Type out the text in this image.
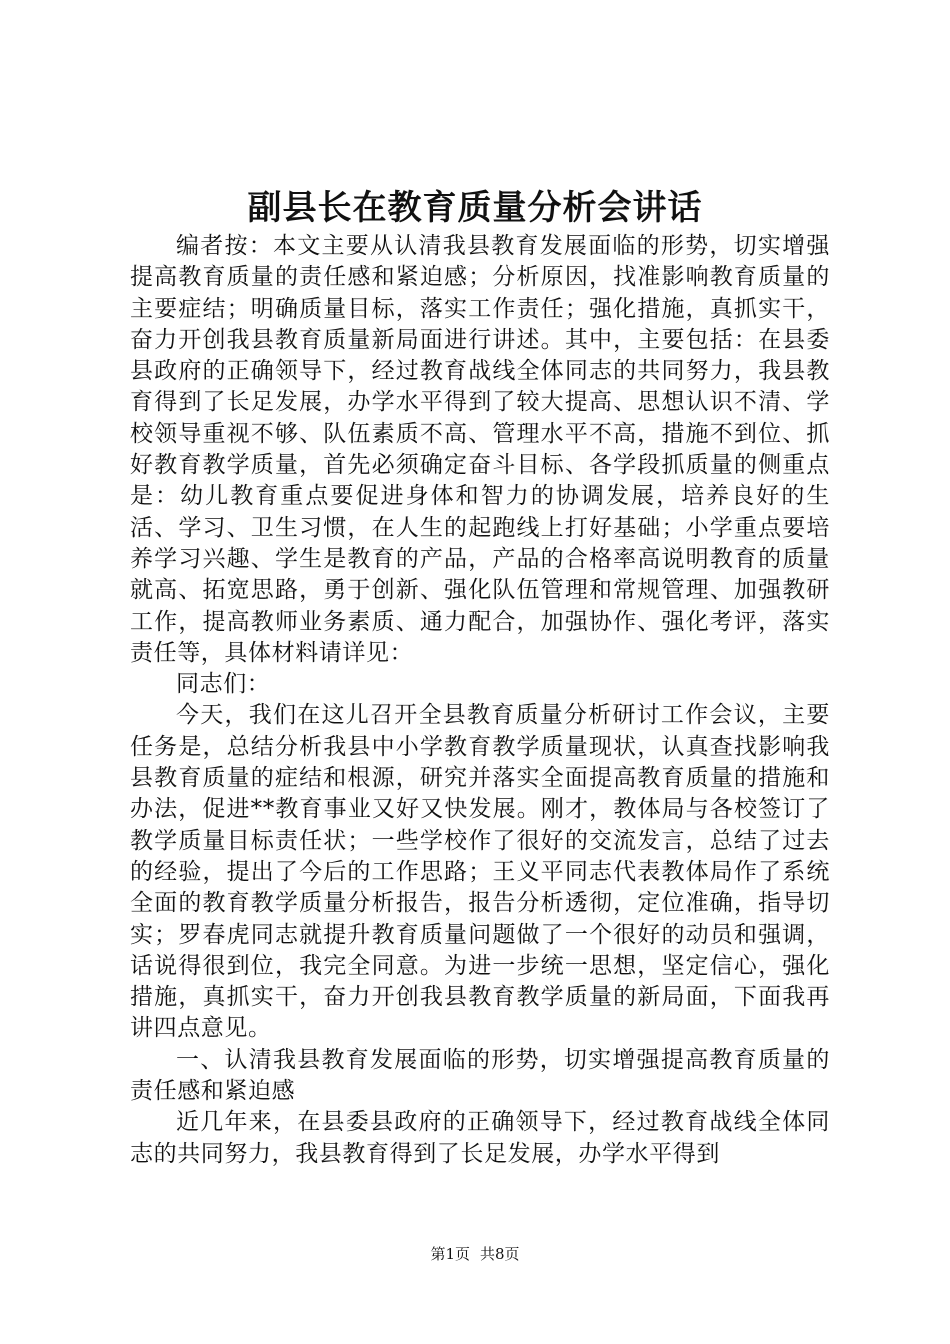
副县长在教育质量分析会讲话

编者按：本文主要从认清我县教育发展面临的形势，切实增强提高教育质量的责任感和紧迫感；分析原因，找准影响教育质量的主要症结；明确质量目标，落实工作责任；强化措施，真抓实干，奋力开创我县教育质量新局面进行讲述。其中，主要包括：在县委县政府的正确领导下，经过教育战线全体同志的共同努力，我县教育得到了长足发展，办学水平得到了较大提高、思想认识不清、学校领导重视不够、队伍素质不高、管理水平不高，措施不到位、抓好教育教学质量，首先必须确定奋斗目标、各学段抓质量的侧重点是：幼儿教育重点要促进身体和智力的协调发展，培养良好的生活、学习、卫生习惯，在人生的起跑线上打好基础；小学重点要培养学习兴趣、学生是教育的产品，产品的合格率高说明教育的质量就高、拓宽思路，勇于创新、强化队伍管理和常规管理、加强教研工作，提高教师业务素质、通力配合，加强协作、强化考评，落实责任等，具体材料请详见：

同志们：

今天，我们在这儿召开全县教育质量分析研讨工作会议，主要任务是，总结分析我县中小学教育教学质量现状，认真查找影响我县教育质量的症结和根源，研究并落实全面提高教育质量的措施和办法，促进**教育事业又好又快发展。刚才，教体局与各校签订了教学质量目标责任状；一些学校作了很好的交流发言，总结了过去的经验，提出了今后的工作思路；王义平同志代表教体局作了系统全面的教育教学质量分析报告，报告分析透彻，定位准确，指导切实；罗春虎同志就提升教育质量问题做了一个很好的动员和强调，话说得很到位，我完全同意。为进一步统一思想，坚定信心，强化措施，真抓实干，奋力开创我县教育教学质量的新局面，下面我再讲四点意见。

一、认清我县教育发展面临的形势，切实增强提高教育质量的责任感和紧迫感

近几年来，在县委县政府的正确领导下，经过教育战线全体同志的共同努力，我县教育得到了长足发展，办学水平得到

第1页 共8页
